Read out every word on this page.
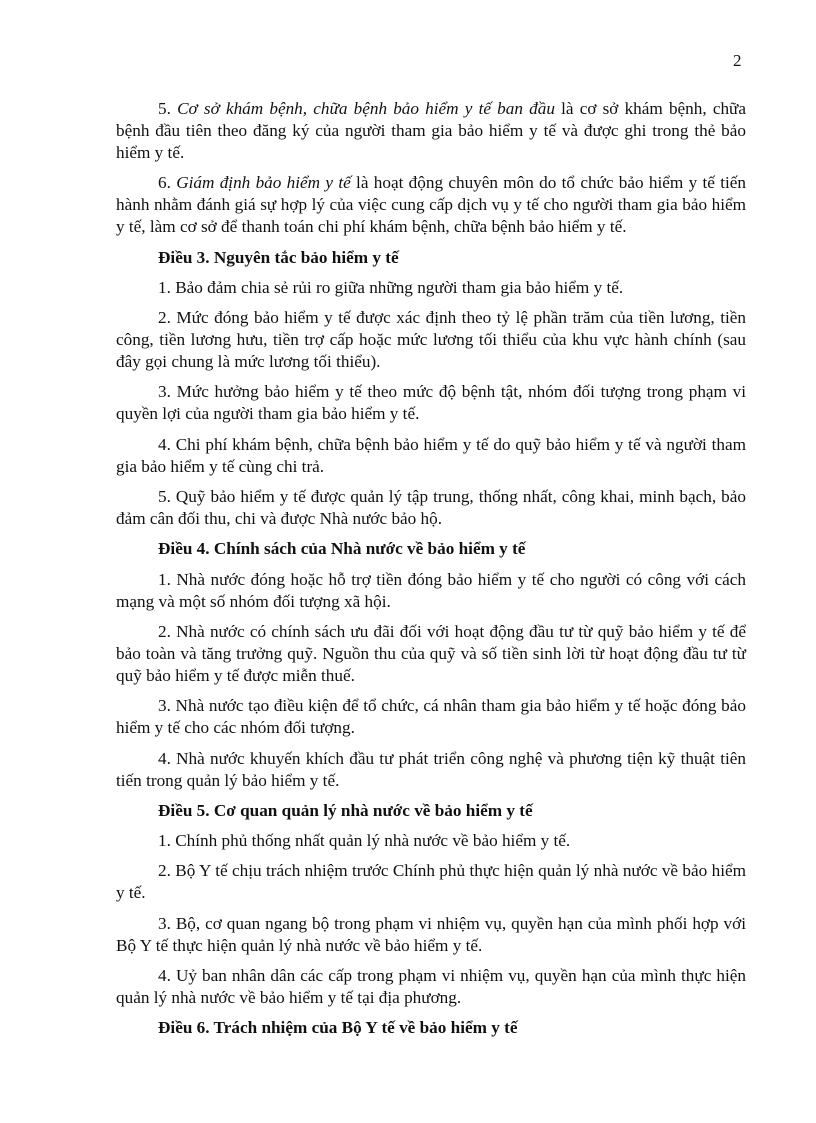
2

5. Cơ sở khám bệnh, chữa bệnh bảo hiểm y tế ban đầu là cơ sở khám bệnh, chữa bệnh đầu tiên theo đăng ký của người tham gia bảo hiểm y tế và được ghi trong thẻ bảo hiểm y tế.

6. Giám định bảo hiểm y tế là hoạt động chuyên môn do tổ chức bảo hiểm y tế tiến hành nhằm đánh giá sự hợp lý của việc cung cấp dịch vụ y tế cho người tham gia bảo hiểm y tế, làm cơ sở để thanh toán chi phí khám bệnh, chữa bệnh bảo hiểm y tế.

Điều 3. Nguyên tắc bảo hiểm y tế

1. Bảo đảm chia sẻ rủi ro giữa những người tham gia bảo hiểm y tế.

2. Mức đóng bảo hiểm y tế được xác định theo tỷ lệ phần trăm của tiền lương, tiền công, tiền lương hưu, tiền trợ cấp hoặc mức lương tối thiểu của khu vực hành chính (sau đây gọi chung là mức lương tối thiểu).

3. Mức hưởng bảo hiểm y tế theo mức độ bệnh tật, nhóm đối tượng trong phạm vi quyền lợi của người tham gia bảo hiểm y tế.

4. Chi phí khám bệnh, chữa bệnh bảo hiểm y tế do quỹ bảo hiểm y tế và người tham gia bảo hiểm y tế cùng chi trả.

5. Quỹ bảo hiểm y tế được quản lý tập trung, thống nhất, công khai, minh bạch, bảo đảm cân đối thu, chi và được Nhà nước bảo hộ.

Điều 4. Chính sách của Nhà nước về bảo hiểm y tế

1. Nhà nước đóng hoặc hỗ trợ tiền đóng bảo hiểm y tế cho người có công với cách mạng và một số nhóm đối tượng xã hội.

2. Nhà nước có chính sách ưu đãi đối với hoạt động đầu tư từ quỹ bảo hiểm y tế để bảo toàn và tăng trưởng quỹ. Nguồn thu của quỹ và số tiền sinh lời từ hoạt động đầu tư từ quỹ bảo hiểm y tế được miễn thuế.

3. Nhà nước tạo điều kiện để tổ chức, cá nhân tham gia bảo hiểm y tế hoặc đóng bảo hiểm y tế cho các nhóm đối tượng.

4. Nhà nước khuyến khích đầu tư phát triển công nghệ và phương tiện kỹ thuật tiên tiến trong quản lý bảo hiểm y tế.

Điều 5. Cơ quan quản lý nhà nước về bảo hiểm y tế

1. Chính phủ thống nhất quản lý nhà nước về bảo hiểm y tế.

2. Bộ Y tế chịu trách nhiệm trước Chính phủ thực hiện quản lý nhà nước về bảo hiểm y tế.

3. Bộ, cơ quan ngang bộ trong phạm vi nhiệm vụ, quyền hạn của mình phối hợp với Bộ Y tế thực hiện quản lý nhà nước về bảo hiểm y tế.

4. Uỷ ban nhân dân các cấp trong phạm vi nhiệm vụ, quyền hạn của mình thực hiện quản lý nhà nước về bảo hiểm y tế tại địa phương.

Điều 6. Trách nhiệm của Bộ Y tế về bảo hiểm y tế
